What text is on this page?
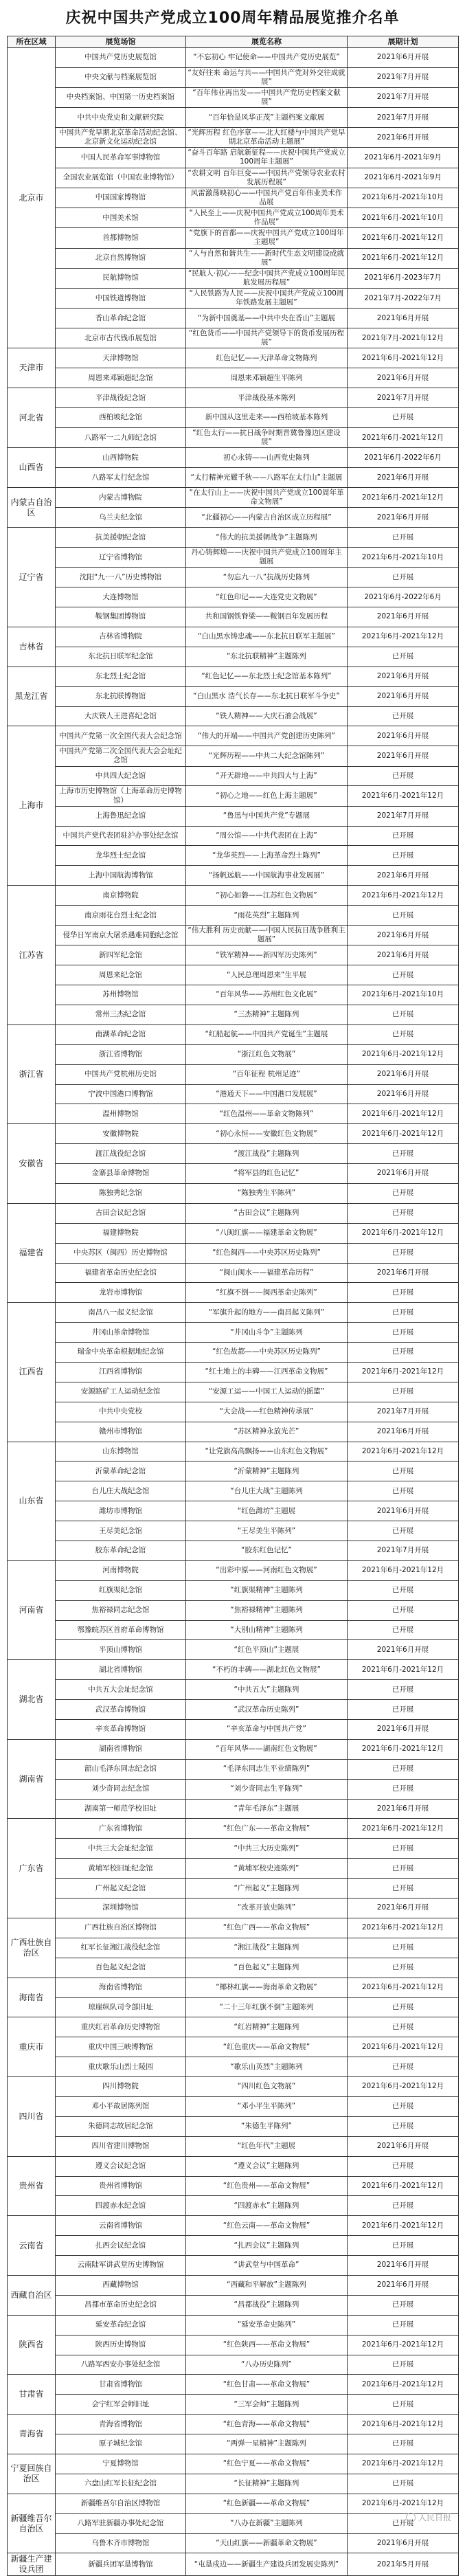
庆祝中国共产党成立100周年精品展览推介名单
所在区域	展览场馆	展览名称	展期计划
北京市	中国共产党历史展览馆	“不忘初心 牢记使命——中国共产党历史展览”	2021年6月开展
	中央文献与档案展览馆	“友好往来 命运与共——中国共产党对外交往成就展”	2021年7月开展
	中央档案馆、中国第一历史档案馆	“百年伟业再出发——中国共产党历史档案文献展”	2021年7月开展
	中共中央党史和文献研究院	“百年恰是风华正茂”主题档案文献展	2021年7月开展
	中国共产党早期北京革命活动纪念馆、北京新文化运动纪念馆	“光辉历程 红色序章——北大红楼与中国共产党早期北京革命活动主题展”	2021年6月开展
	中国人民革命军事博物馆	“奋斗百年路 启航新征程——庆祝中国共产党成立100周年主题展”	2021年6月-2021年9月
	全国农业展览馆（中国农业博物馆）	“农耕文明 百年巨变——中国共产党领导农业农村发展历程展”	2021年6月-2021年9月
	中国国家博物馆	风雷激荡映初心——中国共产党百年伟业美术作品展	2021年6月-2021年10月
	中国美术馆	“人民至上——庆祝中国共产党成立100周年美术作品展”	2021年6月-2021年10月
	首都博物馆	“党旗下的首都——庆祝中国共产党成立100周年主题展”	2021年6月-2021年12月
	北京自然博物馆	“人与自然和谐共生——新时代生态文明建设成就展”	2021年6月-2021年12月
	民航博物馆	“民航人·初心——纪念中国共产党成立100周年民航发展历程展”	2021年6月-2023年7月
	中国铁道博物馆	“人民铁路为人民——庆祝中国共产党成立100周年铁路发展主题展”	2021年7月-2022年7月
	香山革命纪念馆	“为新中国奠基——中共中央在香山”主题展	2021年6月开展
	北京市古代钱币展览馆	“红色货币——中国共产党领导下的货币发展历程展”	2021年7月-2021年12月
天津市	天津博物馆	红色记忆——天津革命文物陈列	2021年6月-2021年12月
	周恩来邓颖超纪念馆	周恩来邓颖超生平陈列	2021年6月开展
河北省	平津战役纪念馆	平津战役基本陈列	2021年7月开展
	西柏坡纪念馆	新中国从这里走来——西柏坡基本陈列	已开展
	八路军一二九师纪念馆	“红色太行——抗日战争时期晋冀鲁豫边区建设展”	2021年6月-2021年12月
山西省	山西博物院	初心永铸——山西党史陈列	2021年6月-2022年6月
	八路军太行纪念馆	“太行精神光耀千秋——八路军在太行山”主题展	2021年6月开展
内蒙古自治区	内蒙古博物院	“在太行山上——庆祝中国共产党成立100周年革命文物展”	2021年6月-2021年12月
	乌兰夫纪念馆	“北疆初心——内蒙古自治区成立历程展”	2021年6月开展
辽宁省	抗美援朝纪念馆	“伟大的抗美援朝战争”主题陈列	已开展
	辽宁省博物馆	丹心铸辉煌——庆祝中国共产党成立100周年主题展	2021年6月-2021年10月
	沈阳“九·一八”历史博物馆	“勿忘九一八”抗战历史陈列	已开展
	大连博物馆	“红色印记——大连党史文物展”	2021年6月-2022年6月
	鞍钢集团博物馆	共和国钢铁脊梁——鞍钢百年发展历程	2021年6月开展
吉林省	吉林省博物院	“白山黑水铸忠魂——东北抗日联军主题展”	2021年6月-2021年12月
	东北抗日联军纪念馆	“东北抗联精神”主题陈列	已开展
黑龙江省	东北烈士纪念馆	“红色记忆——东北烈士纪念馆基本陈列”	2021年6月开展
	东北抗联博物馆	“白山黑水 浩气长存——东北抗日联军斗争史”	2021年6月开展
	大庆铁人王进喜纪念馆	“铁人精神——大庆石油会战展”	已开展
上海市	中国共产党第一次全国代表大会纪念馆	“伟大的开端——中国共产党创建历史陈列”	2021年6月开展
	中国共产党第二次全国代表大会会址纪念馆	“光辉历程——中共二大纪念馆陈列”	2021年6月开展
	中共四大纪念馆	“开天辟地——中共四大与上海”	已开展
	上海市历史博物馆（上海革命历史博物馆）	“初心之地——红色上海主题展”	2021年6月-2021年12月
	上海鲁迅纪念馆	“鲁迅与中国共产党”专题展	2021年7月开展
	中国共产党代表团驻沪办事处纪念馆	“周公馆——中共代表团在上海”	已开展
	龙华烈士纪念馆	“龙华英烈——上海革命烈士陈列”	已开展
	上海中国航海博物馆	“扬帆远航——中国航海事业发展展”	2021年6月开展
江苏省	南京博物院	“初心如磐——江苏红色文物展”	2021年6月-2021年12月
	南京雨花台烈士纪念馆	“雨花英烈”主题陈列	已开展
	侵华日军南京大屠杀遇难同胞纪念馆	“伟大胜利 历史贡献——中国人民抗日战争胜利主题展”	2021年6月开展
	新四军纪念馆	“铁军精神——新四军历史陈列”	2021年6月开展
	周恩来纪念馆	“人民总理周恩来”生平展	已开展
	苏州博物馆	“百年风华——苏州红色文化展”	2021年6月-2021年10月
	常州三杰纪念馆	“三杰精神”主题陈列	已开展
浙江省	南湖革命纪念馆	“红船起航——中国共产党诞生”主题展	已开展
	浙江省博物馆	“浙江红色文物展”	2021年6月-2021年12月
	中国共产党杭州历史馆	“百年征程 杭州足迹”	2021年6月开展
	宁波中国港口博物馆	“港通天下——中国港口发展展”	2021年6月开展
	温州博物馆	“红色温州——革命文物陈列”	2021年6月-2021年12月
安徽省	安徽博物院	“初心永恒——安徽红色文物展”	2021年6月-2021年12月
	渡江战役纪念馆	“渡江战役”主题陈列	已开展
	金寨县革命博物馆	“将军县的红色记忆”	2021年6月开展
	陈独秀纪念馆	“陈独秀生平陈列”	已开展
福建省	古田会议纪念馆	“古田会议”主题陈列	已开展
	福建博物院	“八闽红旗——福建革命文物展”	2021年6月-2021年12月
	中央苏区（闽西）历史博物馆	“红色闽西——中央苏区历史陈列”	已开展
	福建省革命历史纪念馆	“闽山闽水——福建革命历程”	2021年6月开展
	龙岩市博物馆	“红旗不倒——闽西革命史陈列”	已开展
江西省	南昌八一起义纪念馆	“军旗升起的地方——南昌起义陈列”	已开展
	井冈山革命博物馆	“井冈山斗争”主题陈列	已开展
	瑞金中央革命根据地纪念馆	“红色故都——中央苏区历史陈列”	已开展
	江西省博物馆	“红土地上的丰碑——江西革命文物展”	2021年6月-2021年12月
	安源路矿工人运动纪念馆	“安源工运——中国工人运动的摇篮”	已开展
	中共中央党校	“大会战——红色精神传承展”	2021年7月开展
	赣州市博物馆	“苏区精神永放光芒”	2021年6月开展
山东省	山东博物馆	“让党旗高高飘扬——山东红色文物展”	2021年6月-2021年12月
	沂蒙革命纪念馆	“沂蒙精神”主题陈列	已开展
	台儿庄大战纪念馆	“台儿庄大战”主题陈列	已开展
	潍坊市博物馆	“红色潍坊”主题展	2021年6月开展
	王尽美纪念馆	“王尽美生平陈列”	已开展
	胶东革命纪念馆	“胶东红色记忆”	2021年7月开展
河南省	河南博物院	“出彩中原——河南红色文物展”	2021年6月-2021年12月
	红旗渠纪念馆	“红旗渠精神”主题陈列	已开展
	焦裕禄同志纪念馆	“焦裕禄精神”主题陈列	已开展
	鄂豫皖苏区首府革命博物馆	“大别山精神”主题陈列	已开展
	平顶山博物馆	“红色平顶山”主题展	2021年6月开展
湖北省	湖北省博物馆	“不朽的丰碑——湖北红色文物展”	2021年6月-2021年12月
	中共五大会址纪念馆	“中共五大”主题陈列	已开展
	武汉革命博物馆	“武汉革命历史陈列”	已开展
	辛亥革命博物馆	“辛亥革命与中国共产党”	2021年6月开展
湖南省	湖南省博物馆	“百年风华——湖南红色文物展”	2021年6月-2021年12月
	韶山毛泽东同志纪念馆	“毛泽东同志生平业绩陈列”	已开展
	刘少奇同志纪念馆	“刘少奇同志生平陈列”	已开展
	湖南第一师范学校旧址	“青年毛泽东”主题展	2021年6月开展
广东省	广东省博物馆	“红色广东——革命文物展”	2021年6月-2021年12月
	中共三大会址纪念馆	“中共三大历史陈列”	已开展
	黄埔军校旧址纪念馆	“黄埔军校史迹陈列”	已开展
	广州起义纪念馆	“广州起义”主题陈列	已开展
	深圳博物馆	“改革开放史陈列”	2021年6月开展
广西壮族自治区	广西壮族自治区博物馆	“红色广西——革命文物展”	2021年6月-2021年12月
	红军长征湘江战役纪念馆	“湘江战役”主题陈列	已开展
	百色起义纪念馆	“百色起义”主题陈列	已开展
海南省	海南省博物馆	“椰林红旗——海南革命文物展”	2021年6月-2021年12月
	琼崖纵队司令部旧址	“二十三年红旗不倒”主题陈列	已开展
重庆市	重庆红岩革命历史博物馆	“红岩精神”主题陈列	已开展
	重庆中国三峡博物馆	“红色重庆——革命文物展”	2021年6月-2021年12月
	重庆歌乐山烈士陵园	“歌乐山英烈”主题陈列	已开展
四川省	四川博物院	“四川红色文物展”	2021年6月-2021年12月
	邓小平故居陈列馆	“邓小平生平陈列”	已开展
	朱德同志故居纪念馆	“朱德生平陈列”	已开展
	四川省建川博物馆	“红色年代”主题展	2021年6月开展
贵州省	遵义会议纪念馆	“遵义会议”主题陈列	已开展
	贵州省博物馆	“红色贵州——革命文物展”	2021年6月-2021年12月
	四渡赤水纪念馆	“四渡赤水”主题陈列	已开展
云南省	云南省博物馆	“红色云南——革命文物展”	2021年6月-2021年12月
	扎西会议纪念馆	“扎西会议”主题陈列	已开展
	云南陆军讲武堂历史博物馆	“讲武堂与中国革命”	2021年6月开展
西藏自治区	西藏博物馆	“西藏和平解放”主题陈列	2021年6月开展
	昌都市革命历史纪念馆	“昌都战役”主题陈列	已开展
陕西省	延安革命纪念馆	“延安革命史陈列”	已开展
	陕西历史博物馆	“红色陕西——革命文物展”	2021年6月-2021年12月
	八路军西安办事处纪念馆	“八办历史陈列”	已开展
甘肃省	甘肃省博物馆	“红色甘肃——革命文物展”	2021年6月-2021年12月
	会宁红军会师旧址	“三军会师”主题陈列	已开展
青海省	青海省博物馆	“红色青海——革命文物展”	2021年6月-2021年12月
	原子城纪念馆	“两弹一星精神”主题陈列	已开展
宁夏回族自治区	宁夏博物馆	“红色宁夏——革命文物展”	2021年6月-2021年12月
	六盘山红军长征纪念馆	“长征精神”主题陈列	已开展
新疆维吾尔自治区	新疆维吾尔自治区博物馆	“红色新疆——革命文物展”	2021年6月-2021年12月
	八路军驻新疆办事处纪念馆	“八办在新疆”主题陈列	已开展
	乌鲁木齐市博物馆	“天山红旗——新疆革命文物展”	2021年6月开展
新疆生产建设兵团	新疆兵团军垦博物馆	“屯垦戍边——新疆生产建设兵团发展史陈列”	2021年5月开展
人民日报
